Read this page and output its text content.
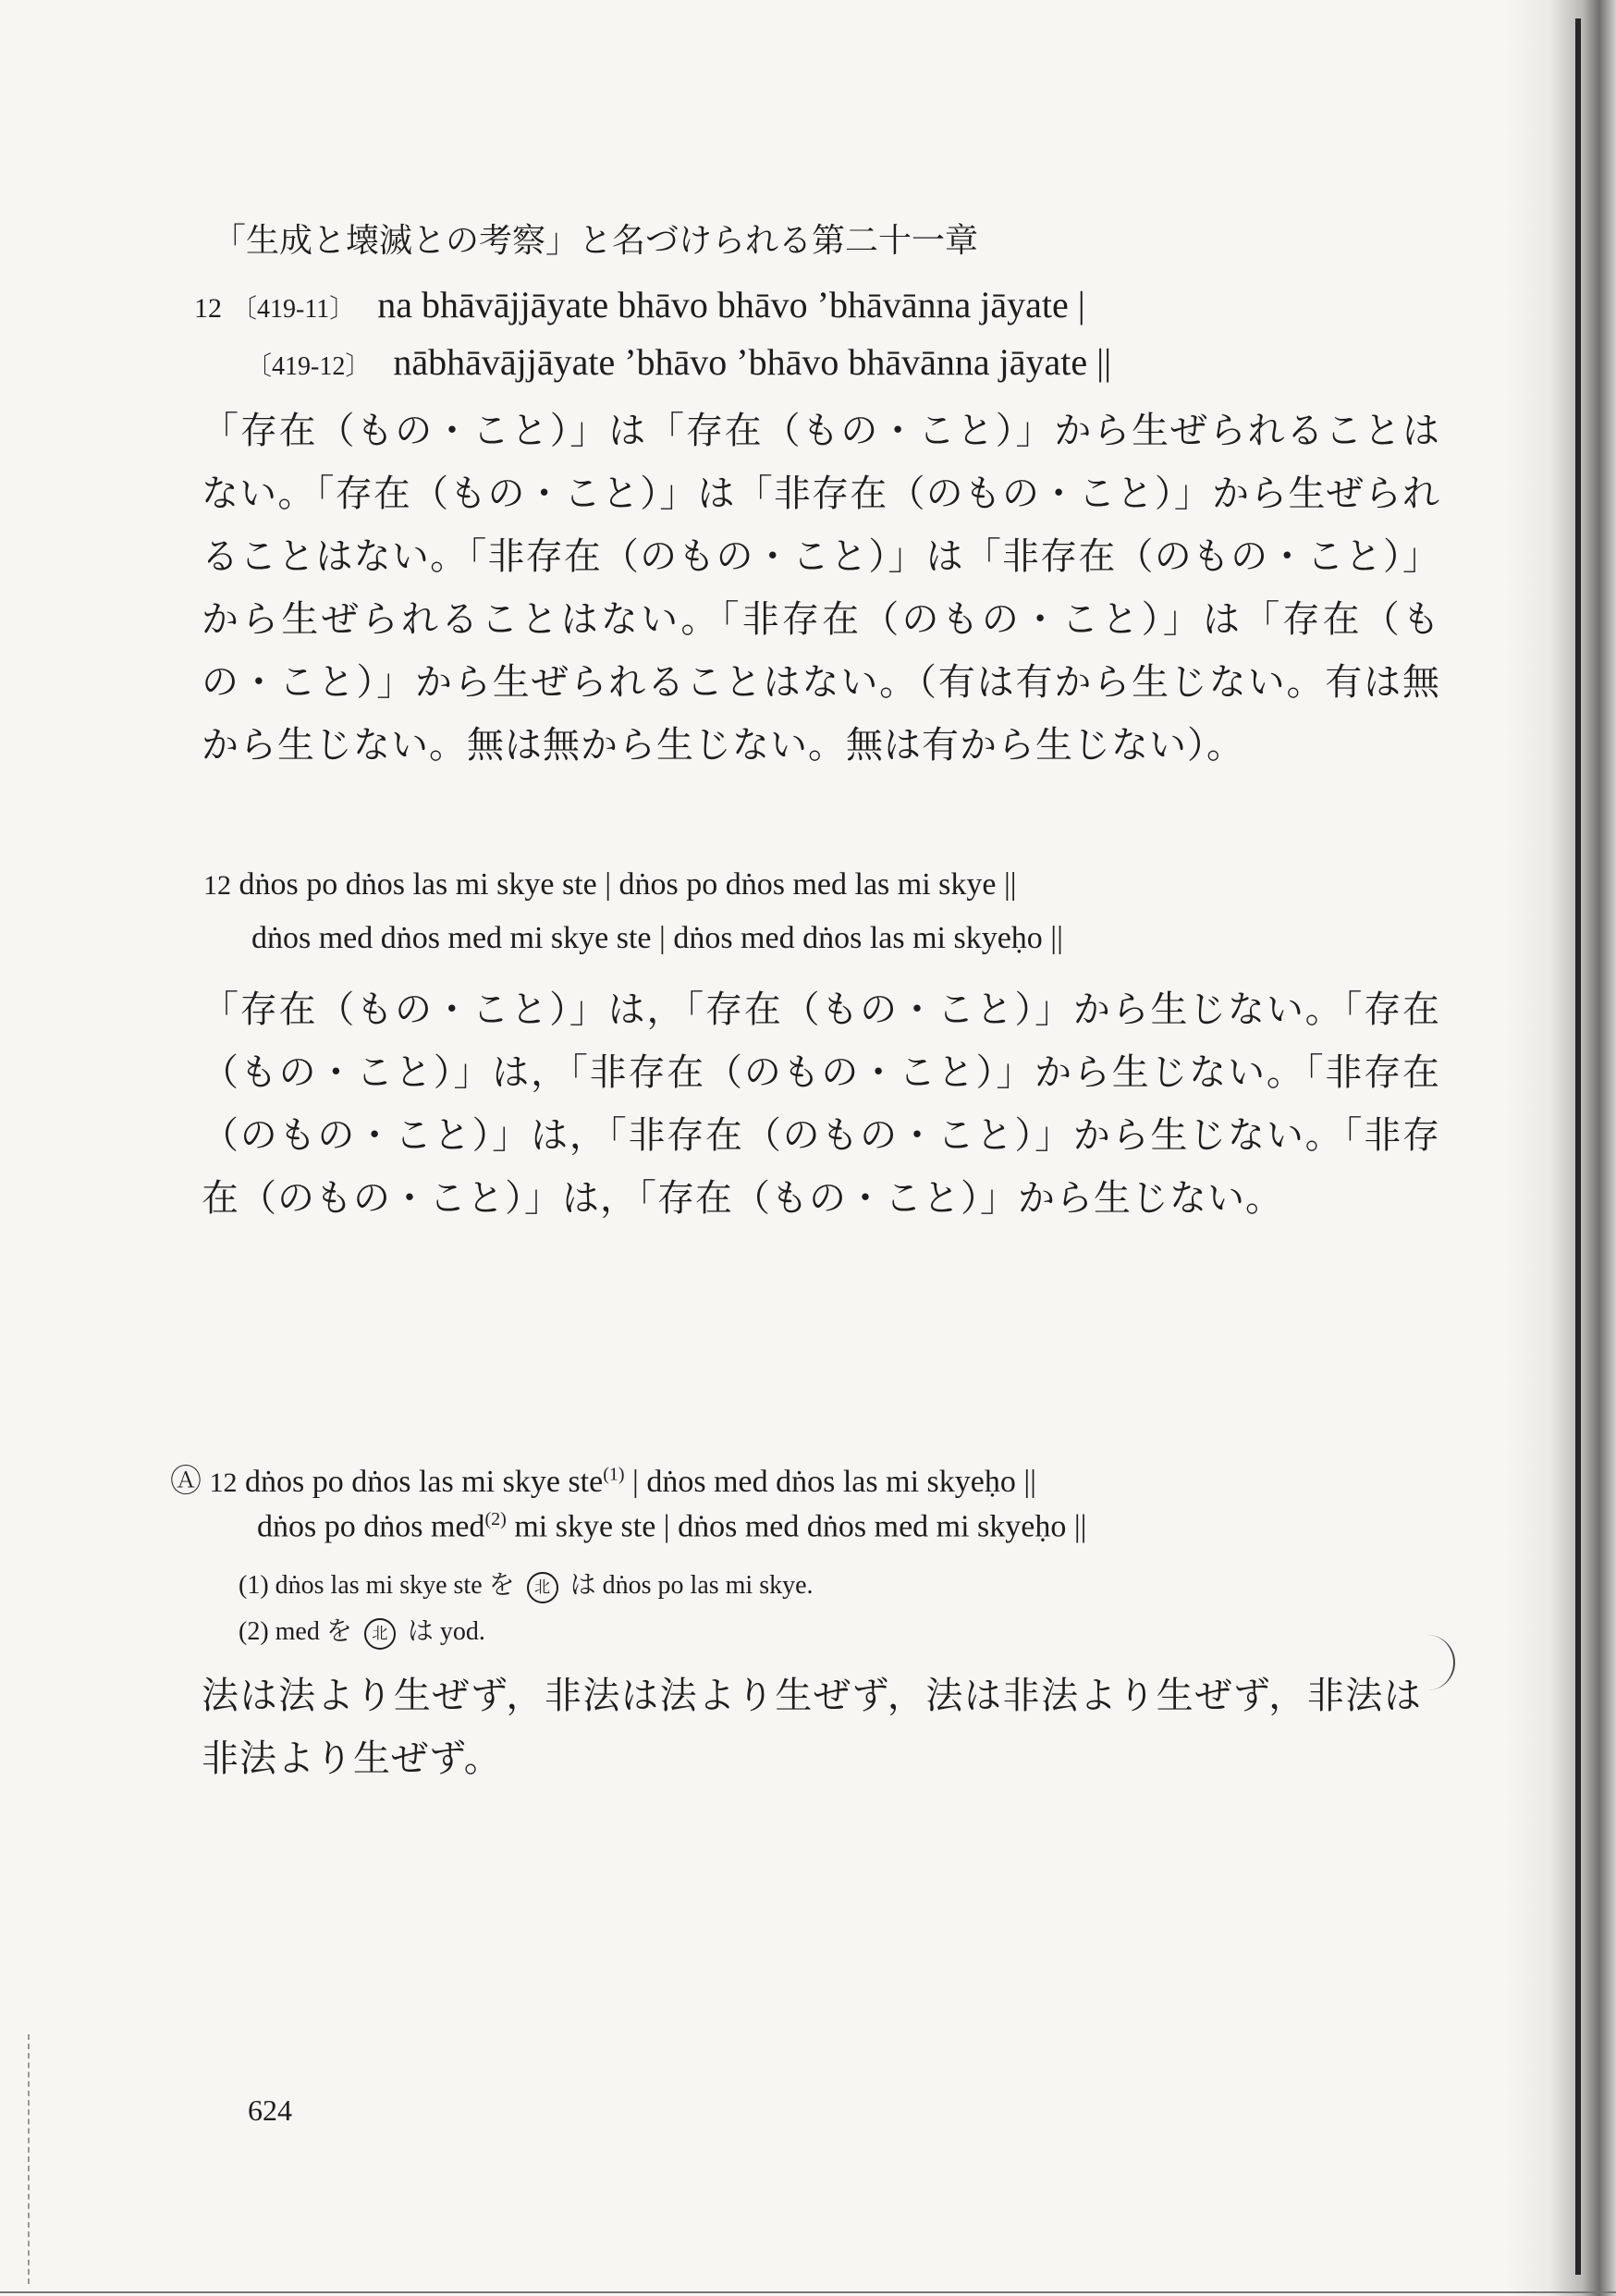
「生成と壊滅との考察」と名づけられる第二十一章
12 〔419-11〕 na bhāvājjāyate bhāvo bhāvo ’bhāvānna jāyate |
〔419-12〕 nābhāvājjāyate ’bhāvo ’bhāvo bhāvānna jāyate ||
「存在（もの・こと）」は「存在（もの・こと）」から生ぜられることはない。「存在（もの・こと）」は「非存在（のもの・こと）」から生ぜられることはない。「非存在（のもの・こと）」は「非存在（のもの・こと）」から生ぜられることはない。「非存在（のもの・こと）」は「存在（もの・こと）」から生ぜられることはない。（有は有から生じない。有は無から生じない。無は無から生じない。無は有から生じない）。
12 dṅos po dṅos las mi skye ste | dṅos po dṅos med las mi skye ||
dṅos med dṅos med mi skye ste | dṅos med dṅos las mi skyeḥo ||
「存在（もの・こと）」は，「存在（もの・こと）」から生じない。「存在（もの・こと）」は，「非存在（のもの・こと）」から生じない。「非存在（のもの・こと）」は，「非存在（のもの・こと）」から生じない。「非存在（のもの・こと）」は，「存在（もの・こと）」から生じない。
Ⓐ 12 dṅos po dṅos las mi skye ste$^{(1)}$ | dṅos med dṅos las mi skyeḥo ||
dṅos po dṅos med$^{(2)}$ mi skye ste | dṅos med dṅos med mi skyeḥo ||
(1) dṅos las mi skye ste を 北 は dṅos po las mi skye.
(2) med を 北 は yod.
法は法より生ぜず，非法は法より生ぜず，法は非法より生ぜず，非法は非法より生ぜず。
624
